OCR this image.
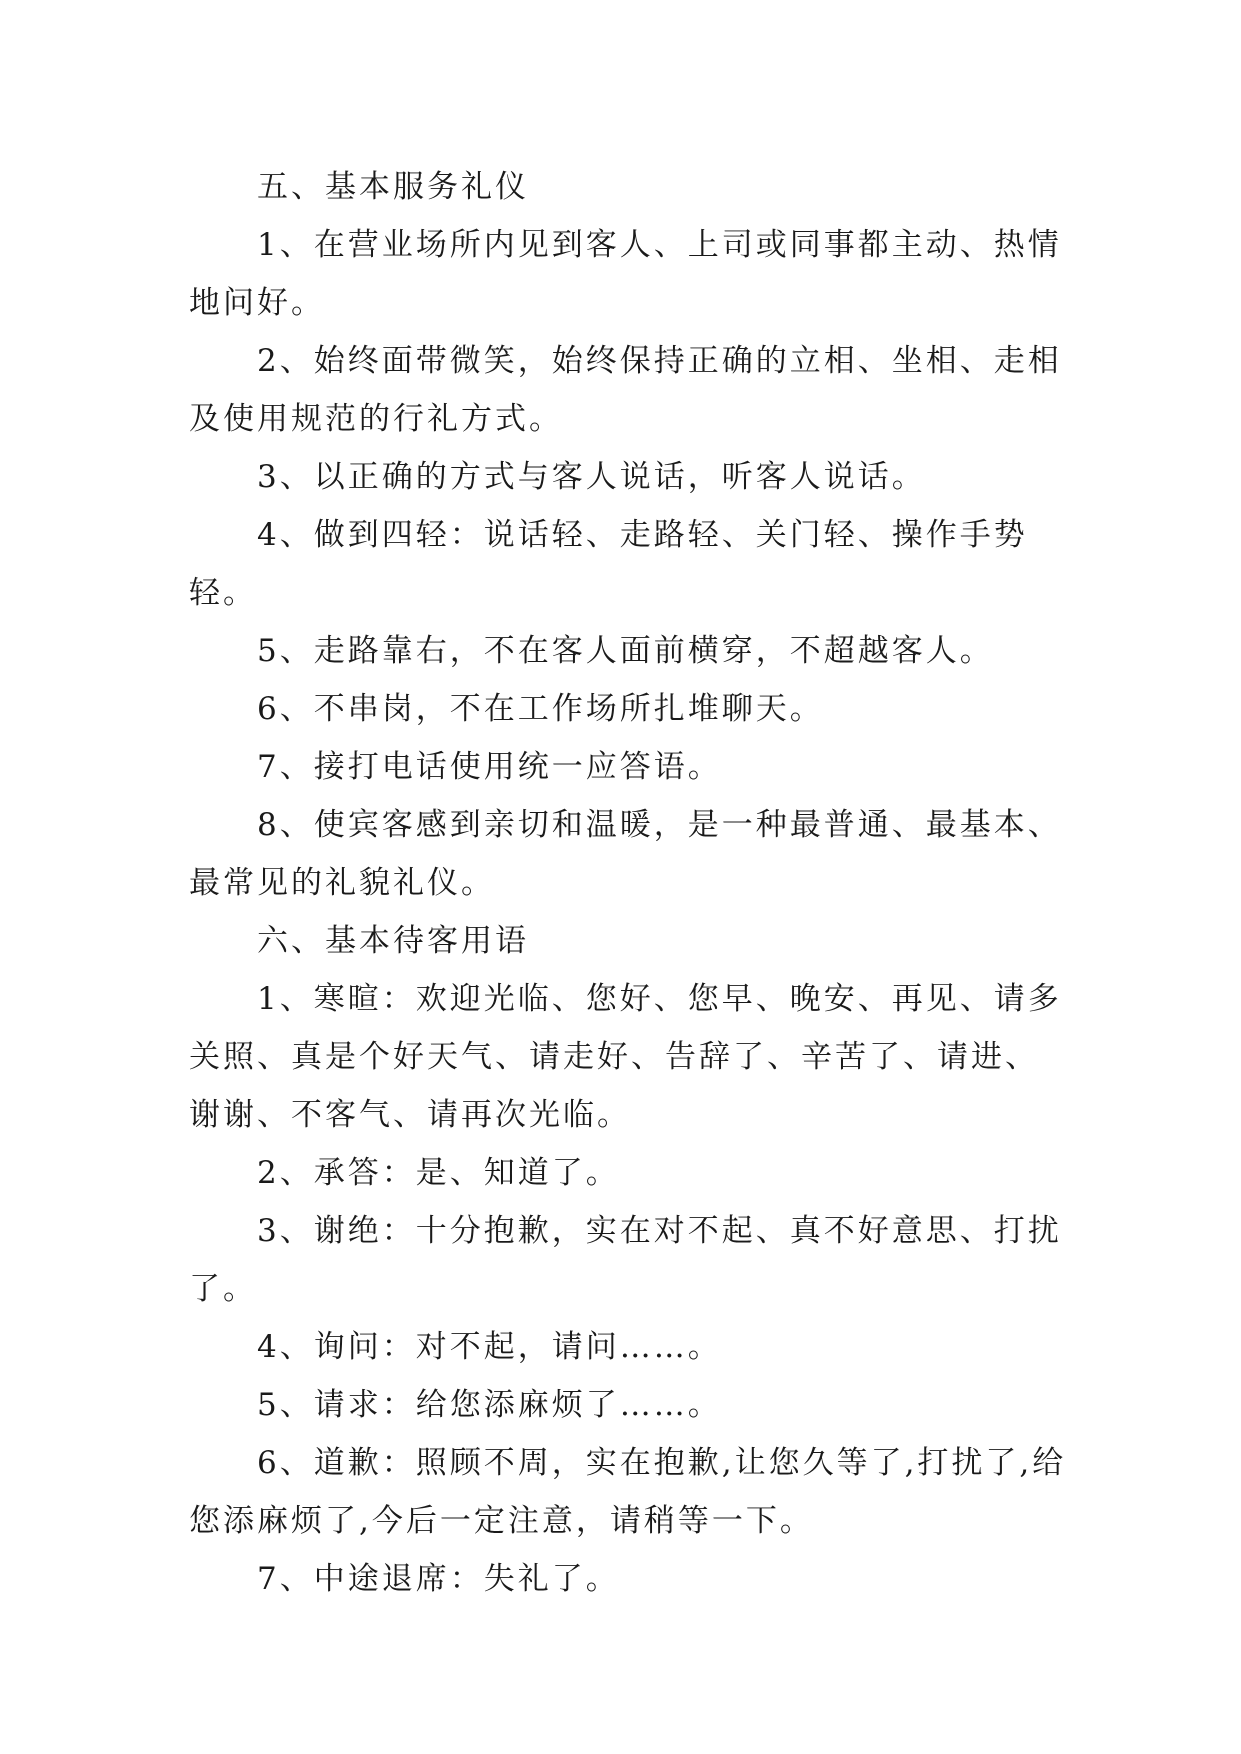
五、基本服务礼仪

1、在营业场所内见到客人、上司或同事都主动、热情地问好。

2、始终面带微笑，始终保持正确的立相、坐相、走相及使用规范的行礼方式。

3、以正确的方式与客人说话，听客人说话。

4、做到四轻：说话轻、走路轻、关门轻、操作手势轻。

5、走路靠右，不在客人面前横穿，不超越客人。

6、不串岗，不在工作场所扎堆聊天。

7、接打电话使用统一应答语。

8、使宾客感到亲切和温暖，是一种最普通、最基本、最常见的礼貌礼仪。

六、基本待客用语

1、寒暄：欢迎光临、您好、您早、晚安、再见、请多关照、真是个好天气、请走好、告辞了、辛苦了、请进、谢谢、不客气、请再次光临。

2、承答：是、知道了。

3、谢绝：十分抱歉，实在对不起、真不好意思、打扰了。

4、询问：对不起，请问……。

5、请求：给您添麻烦了……。

6、道歉：照顾不周，实在抱歉,让您久等了,打扰了,给您添麻烦了,今后一定注意，请稍等一下。

7、中途退席：失礼了。
